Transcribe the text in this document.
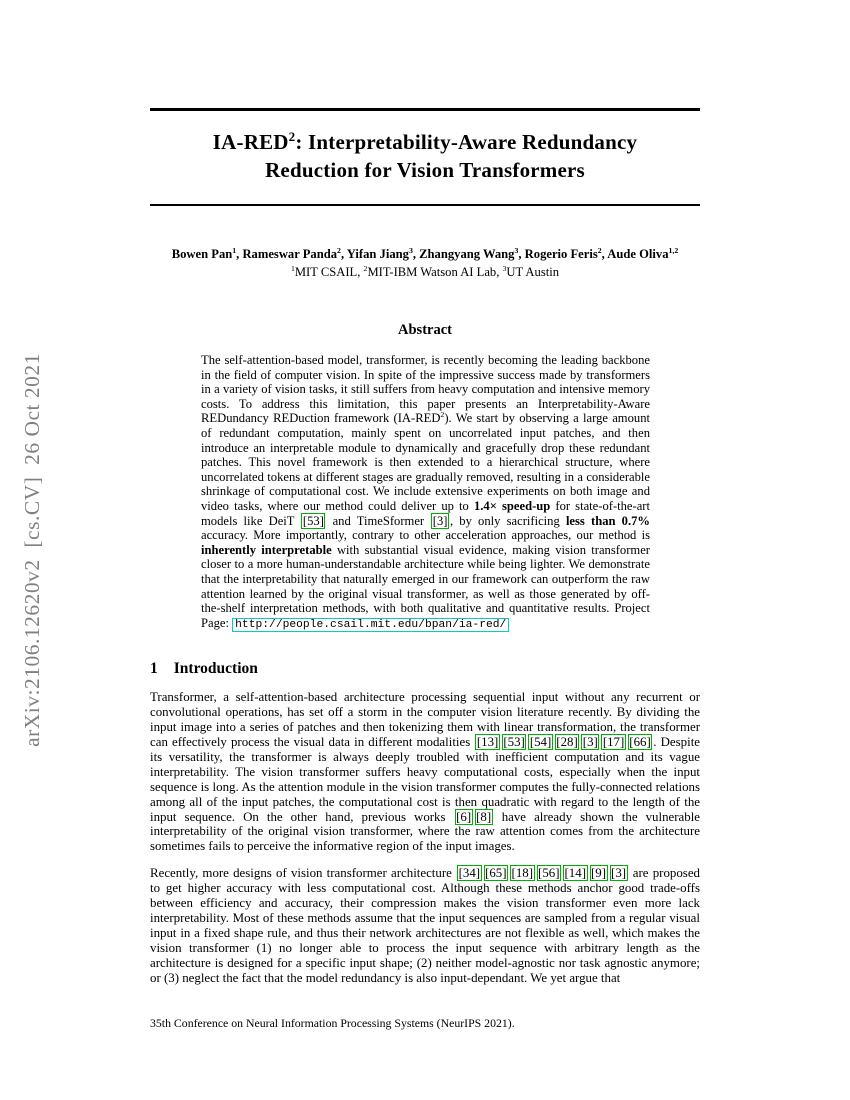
arXiv:2106.12620v2  [cs.CV]  26 Oct 2021
IA-RED$^2$: Interpretability-Aware Redundancy
Reduction for Vision Transformers
Bowen Pan$^1$, Rameswar Panda$^2$, Yifan Jiang$^3$, Zhangyang Wang$^3$, Rogerio Feris$^2$, Aude Oliva$^{1,2}$
$^1$MIT CSAIL, $^2$MIT-IBM Watson AI Lab, $^3$UT Austin
Abstract

The self-attention-based model, transformer, is recently becoming the leading backbone in the field of computer vision. In spite of the impressive success made by transformers in a variety of vision tasks, it still suffers from heavy computation and intensive memory costs. To address this limitation, this paper presents an Interpretability-Aware REDundancy REDuction framework (IA-RED$^2$). We start by observing a large amount of redundant computation, mainly spent on uncorrelated input patches, and then introduce an interpretable module to dynamically and gracefully drop these redundant patches. This novel framework is then extended to a hierarchical structure, where uncorrelated tokens at different stages are gradually removed, resulting in a considerable shrinkage of computational cost. We include extensive experiments on both image and video tasks, where our method could deliver up to 1.4× speed-up for state-of-the-art models like DeiT [53] and TimeSformer [3] , by only sacrificing less than 0.7% accuracy. More importantly, contrary to other acceleration approaches, our method is inherently interpretable with substantial visual evidence, making vision transformer closer to a more human-understandable architecture while being lighter. We demonstrate that the interpretability that naturally emerged in our framework can outperform the raw attention learned by the original visual transformer, as well as those generated by off-the-shelf interpretation methods, with both qualitative and quantitative results. Project Page: http://people.csail.mit.edu/bpan/ia-red/

1 Introduction

Transformer, a self-attention-based architecture processing sequential input without any recurrent or convolutional operations, has set off a storm in the computer vision literature recently. By dividing the input image into a series of patches and then tokenizing them with linear transformation, the transformer can effectively process the visual data in different modalities [13] [53] [54] [28] [3] [17] [66] . Despite its versatility, the transformer is always deeply troubled with inefficient computation and its vague interpretability. The vision transformer suffers heavy computational costs, especially when the input sequence is long. As the attention module in the vision transformer computes the fully-connected relations among all of the input patches, the computational cost is then quadratic with regard to the length of the input sequence. On the other hand, previous works [6] [8] have already shown the vulnerable interpretability of the original vision transformer, where the raw attention comes from the architecture sometimes fails to perceive the informative region of the input images.

Recently, more designs of vision transformer architecture [34] [65] [18] [56] [14] [9] [3] are proposed to get higher accuracy with less computational cost. Although these methods anchor good trade-offs between efficiency and accuracy, their compression makes the vision transformer even more lack interpretability. Most of these methods assume that the input sequences are sampled from a regular visual input in a fixed shape rule, and thus their network architectures are not flexible as well, which makes the vision transformer (1) no longer able to process the input sequence with arbitrary length as the architecture is designed for a specific input shape; (2) neither model-agnostic nor task agnostic anymore; or (3) neglect the fact that the model redundancy is also input-dependant. We yet argue that

35th Conference on Neural Information Processing Systems (NeurIPS 2021).
